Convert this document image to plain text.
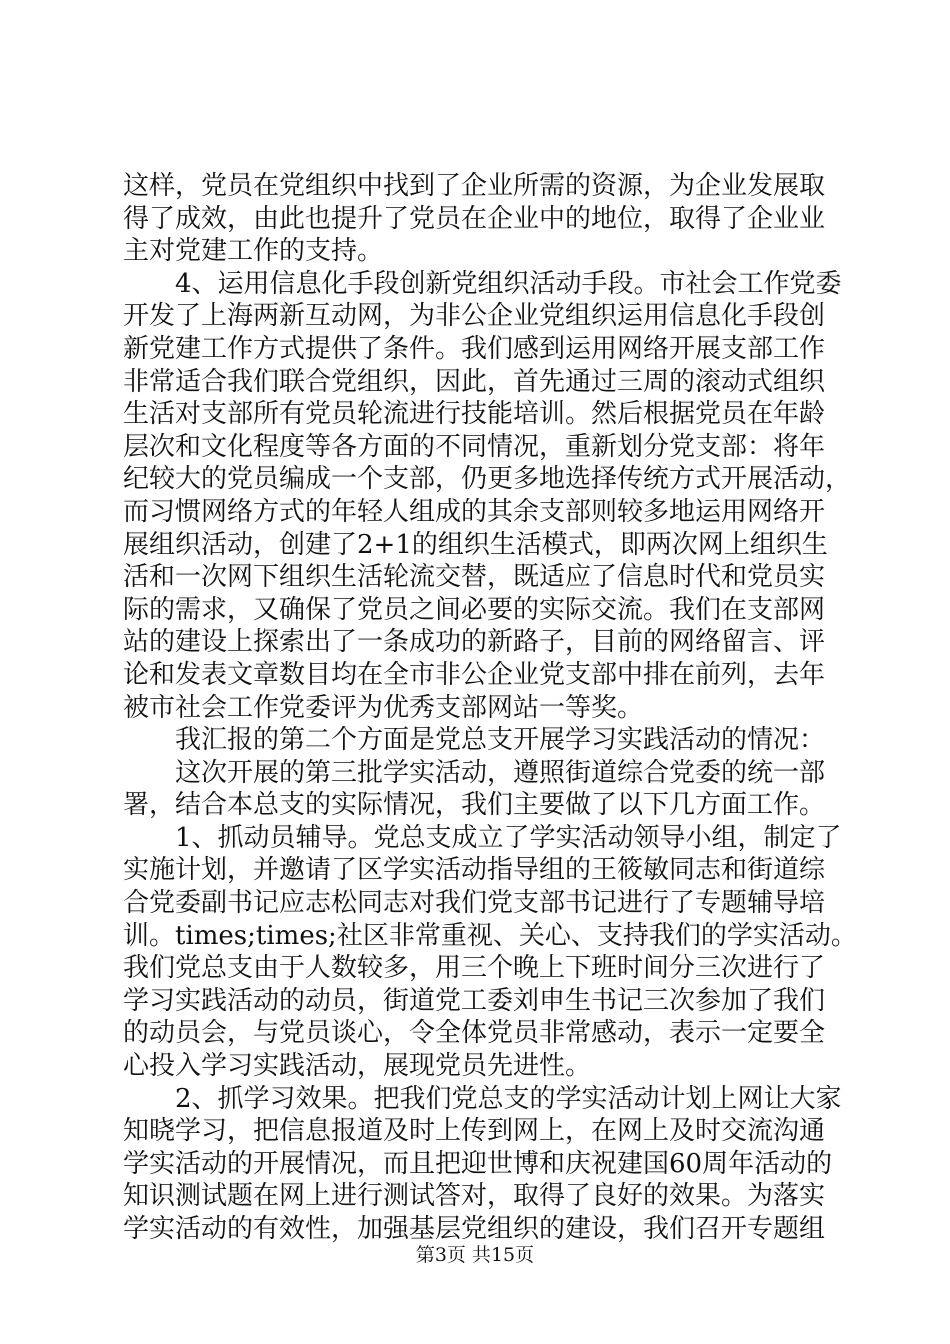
这样，党员在党组织中找到了企业所需的资源，为企业发展取
得了成效，由此也提升了党员在企业中的地位，取得了企业业
主对党建工作的支持。
　　4、运用信息化手段创新党组织活动手段。市社会工作党委
开发了上海两新互动网，为非公企业党组织运用信息化手段创
新党建工作方式提供了条件。我们感到运用网络开展支部工作
非常适合我们联合党组织，因此，首先通过三周的滚动式组织
生活对支部所有党员轮流进行技能培训。然后根据党员在年龄
层次和文化程度等各方面的不同情况，重新划分党支部：将年
纪较大的党员编成一个支部，仍更多地选择传统方式开展活动，
而习惯网络方式的年轻人组成的其余支部则较多地运用网络开
展组织活动，创建了2+1的组织生活模式，即两次网上组织生
活和一次网下组织生活轮流交替，既适应了信息时代和党员实
际的需求，又确保了党员之间必要的实际交流。我们在支部网
站的建设上探索出了一条成功的新路子，目前的网络留言、评
论和发表文章数目均在全市非公企业党支部中排在前列，去年
被市社会工作党委评为优秀支部网站一等奖。
　　我汇报的第二个方面是党总支开展学习实践活动的情况：
　　这次开展的第三批学实活动，遵照街道综合党委的统一部
署，结合本总支的实际情况，我们主要做了以下几方面工作。
　　1、抓动员辅导。党总支成立了学实活动领导小组，制定了
实施计划，并邀请了区学实活动指导组的王筱敏同志和街道综
合党委副书记应志松同志对我们党支部书记进行了专题辅导培
训。times;times;社区非常重视、关心、支持我们的学实活动。
我们党总支由于人数较多，用三个晚上下班时间分三次进行了
学习实践活动的动员，街道党工委刘申生书记三次参加了我们
的动员会，与党员谈心，令全体党员非常感动，表示一定要全
心投入学习实践活动，展现党员先进性。
　　2、抓学习效果。把我们党总支的学实活动计划上网让大家
知晓学习，把信息报道及时上传到网上，在网上及时交流沟通
学实活动的开展情况，而且把迎世博和庆祝建国60周年活动的
知识测试题在网上进行测试答对，取得了良好的效果。为落实
学实活动的有效性，加强基层党组织的建设，我们召开专题组
第3页 共15页
